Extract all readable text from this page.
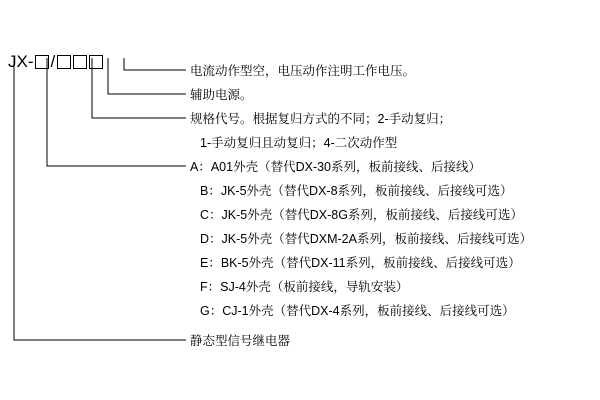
JX- /	电流动作型空，电压动作注明工作电压。
辅助电源。
规格代号。根据复归方式的不同；2-手动复归；
1-手动复归且动复归；4-二次动作型
A：A01外壳（替代DX-30系列，板前接线、后接线）
B：JK-5外壳（替代DX-8系列，板前接线、后接线可选）
C：JK-5外壳（替代DX-8G系列，板前接线、后接线可选）
D：JK-5外壳（替代DXM-2A系列，板前接线、后接线可选）
E：BK-5外壳（替代DX-11系列，板前接线、后接线可选）
F：SJ-4外壳（板前接线，导轨安装）
G：CJ-1外壳（替代DX-4系列，板前接线、后接线可选）
静态型信号继电器
